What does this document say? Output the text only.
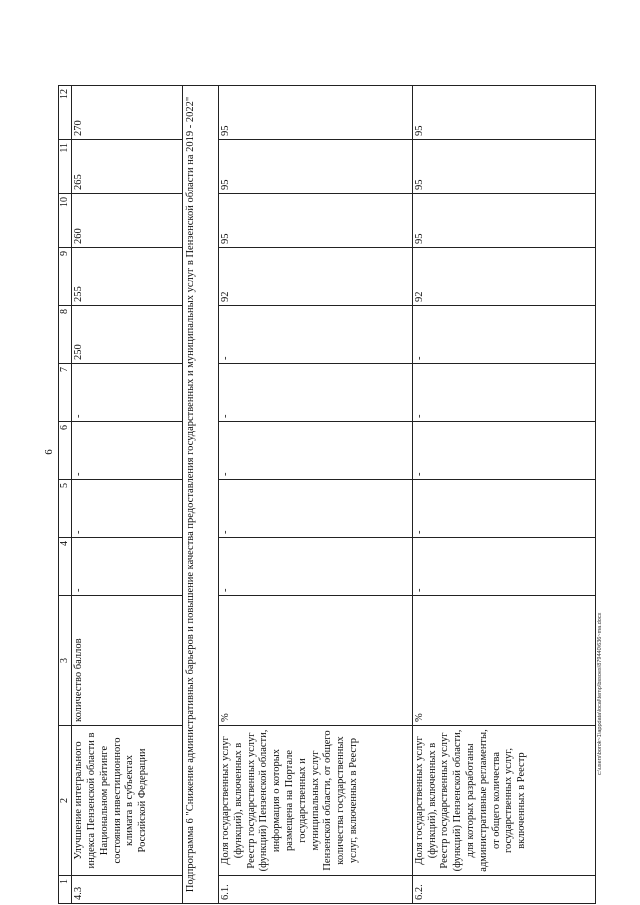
6
1	2	3	4	5	6	7	8	9	10	11	12
4.3	Улучшение интегрального индекса Пензенской области в Национальном рейтинге состояния инвестиционного климата в субъектах Российской Федерации	количество баллов	-	-	-	-	250	255	260	265	270
Подпрограмма 6 "Снижение административных барьеров и повышение качества предоставления государственных и муниципальных услуг в Пензенской области на 2019 - 2022"											
6.1.	Доля государственных услуг (функций), включенных в Реестр государственных услуг (функций) Пензенской области, информация о которых размещена на Портале государственных и муниципальных услуг Пензенской области, от общего количества государственных услуг, включенных в Реестр	%	-	-	-	-	-	92	95	95	95
6.2.	Доля государственных услуг (функций), включенных в Реестр государственных услуг (функций) Пензенской области, для которых разработаны административные регламенты, от общего количества государственных услуг, включенных в Реестр	%	-	-	-	-	-	92	95	95	95
c:\users\borok~1\appdata\local\temp\bssoes\879440\636~ma.docx
